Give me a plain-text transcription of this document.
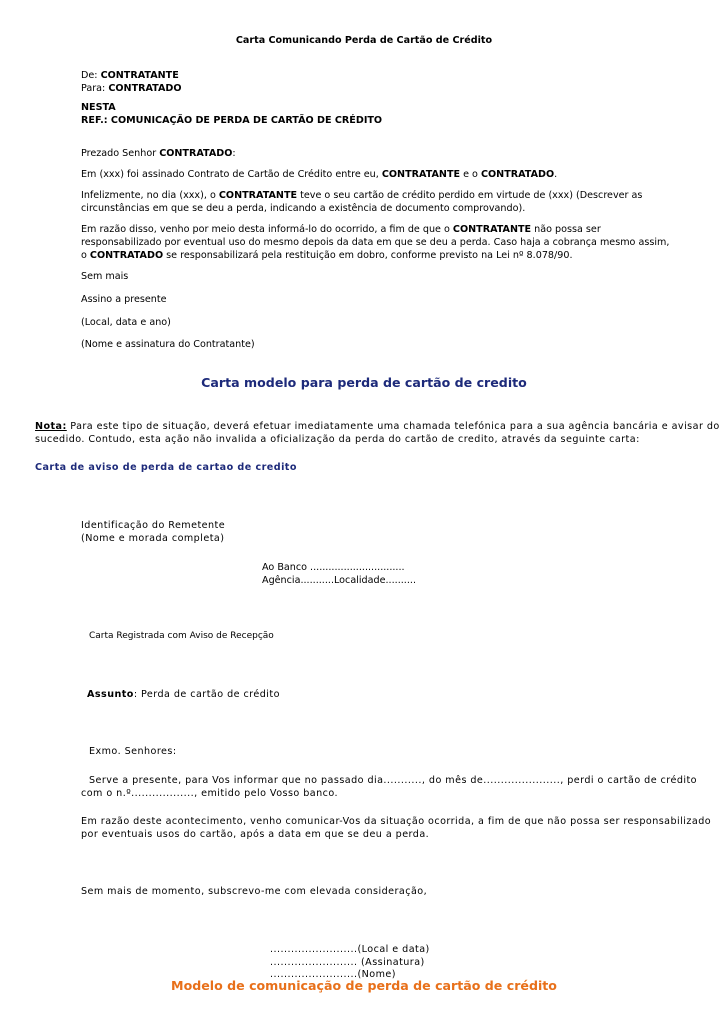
Carta Comunicando Perda de Cartão de Crédito
De: CONTRATANTE
Para: CONTRATADO
NESTA
REF.: COMUNICAÇÃO DE PERDA DE CARTÃO DE CRÉDITO
Prezado Senhor CONTRATADO:
Em (xxx) foi assinado Contrato de Cartão de Crédito entre eu, CONTRATANTE e o CONTRATADO.
Infelizmente, no dia (xxx), o CONTRATANTE teve o seu cartão de crédito perdido em virtude de (xxx) (Descrever as
circunstâncias em que se deu a perda, indicando a existência de documento comprovando).
Em razão disso, venho por meio desta informá-lo do ocorrido, a fim de que o CONTRATANTE não possa ser
responsabilizado por eventual uso do mesmo depois da data em que se deu a perda. Caso haja a cobrança mesmo assim,
o CONTRATADO se responsabilizará pela restituição em dobro, conforme previsto na Lei nº 8.078/90.
Sem mais
Assino a presente
(Local, data e ano)
(Nome e assinatura do Contratante)
Carta modelo para perda de cartão de credito
Nota: Para este tipo de situação, deverá efetuar imediatamente uma chamada telefónica para a sua agência bancária e avisar do
sucedido. Contudo, esta ação não invalida a oficialização da perda do cartão de credito, através da seguinte carta:
Carta de aviso de perda de cartao de credito
Identificação do Remetente
(Nome e morada completa)
Ao Banco ...............................
Agência...........Localidade..........
Carta Registrada com Aviso de Recepção
Assunto: Perda de cartão de crédito
Exmo. Senhores:
Serve a presente, para Vos informar que no passado dia..........., do mês de......................, perdi o cartão de crédito
com o n.º.................., emitido pelo Vosso banco.
Em razão deste acontecimento, venho comunicar-Vos da situação ocorrida, a fim de que não possa ser responsabilizado
por eventuais usos do cartão, após a data em que se deu a perda.
Sem mais de momento, subscrevo-me com elevada consideração,
.........................(Local e data)
......................... (Assinatura)
.........................(Nome)
Modelo de comunicação de perda de cartão de crédito
